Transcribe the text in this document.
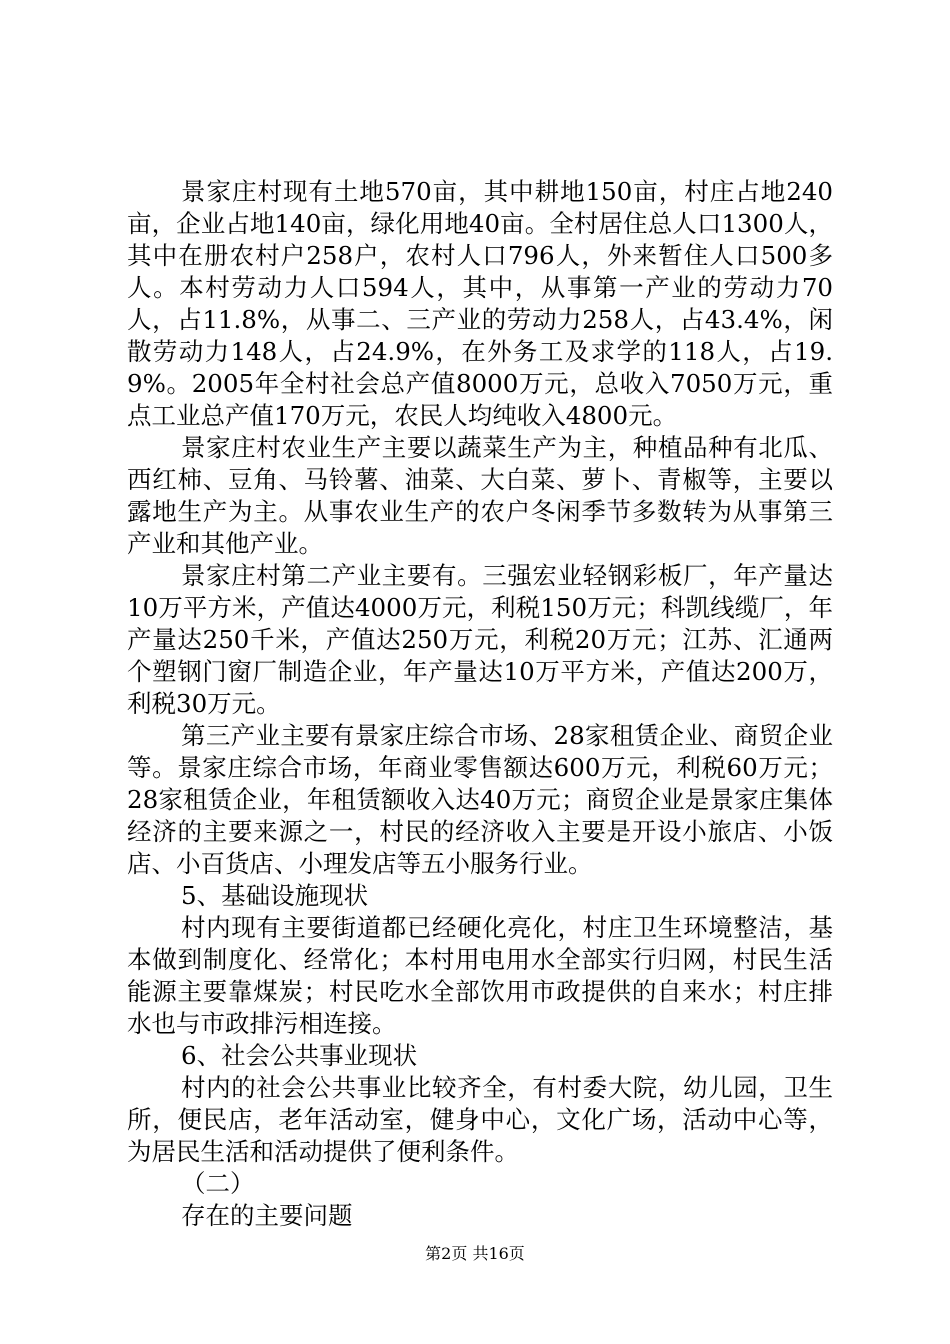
景家庄村现有土地570亩，其中耕地150亩，村庄占地240亩，企业占地140亩，绿化用地40亩。全村居住总人口1300人，其中在册农村户258户，农村人口796人，外来暂住人口500多人。本村劳动力人口594人，其中，从事第一产业的劳动力70人，占11.8%，从事二、三产业的劳动力258人，占43.4%，闲散劳动力148人，占24.9%，在外务工及求学的118人，占19.9%。2005年全村社会总产值8000万元，总收入7050万元，重点工业总产值170万元，农民人均纯收入4800元。

景家庄村农业生产主要以蔬菜生产为主，种植品种有北瓜、西红柿、豆角、马铃薯、油菜、大白菜、萝卜、青椒等，主要以露地生产为主。从事农业生产的农户冬闲季节多数转为从事第三产业和其他产业。

景家庄村第二产业主要有。三强宏业轻钢彩板厂，年产量达10万平方米，产值达4000万元，利税150万元；科凯线缆厂，年产量达250千米，产值达250万元，利税20万元；江苏、汇通两个塑钢门窗厂制造企业，年产量达10万平方米，产值达200万，利税30万元。

第三产业主要有景家庄综合市场、28家租赁企业、商贸企业等。景家庄综合市场，年商业零售额达600万元，利税60万元；28家租赁企业，年租赁额收入达40万元；商贸企业是景家庄集体经济的主要来源之一，村民的经济收入主要是开设小旅店、小饭店、小百货店、小理发店等五小服务行业。

5、基础设施现状

村内现有主要街道都已经硬化亮化，村庄卫生环境整洁，基本做到制度化、经常化；本村用电用水全部实行归网，村民生活能源主要靠煤炭；村民吃水全部饮用市政提供的自来水；村庄排水也与市政排污相连接。

6、社会公共事业现状

村内的社会公共事业比较齐全，有村委大院，幼儿园，卫生所，便民店，老年活动室，健身中心，文化广场，活动中心等，为居民生活和活动提供了便利条件。

（二）

存在的主要问题

第2页 共16页
